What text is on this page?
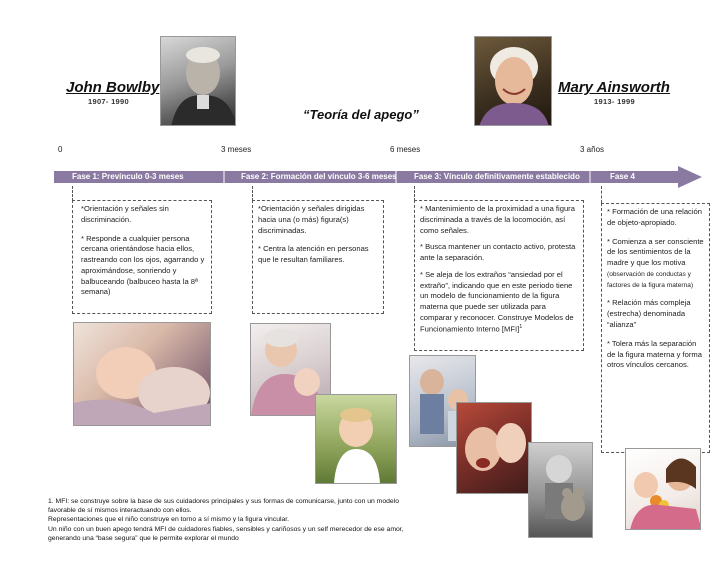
John Bowlby
1907- 1990
Mary Ainsworth
1913- 1999
“Teoría del apego”
0	3 meses	6 meses	3 años
Fase 1: Prevínculo 0-3 meses	Fase 2: Formación del vínculo 3-6 meses Fase 3: Vínculo definitivamente establecido	Fase 4

*Orientación y señales sin discriminación.

* Responde a cualquier persona cercana orientándose hacia ellos, rastreando con los ojos, agarrando y aproximándose, sonriendo y balbuceando (balbuceo hasta la 8ª semana)

*Orientación y señales dirigidas hacia una (o más) figura(s) discriminadas.

* Centra la atención en personas que le resultan familiares.

* Mantenimiento de la proximidad a una figura discriminada a través de la locomoción, así como señales.

* Busca mantener un contacto activo, protesta ante la separación.

* Se aleja de los extraños “ansiedad por el extraño”, indicando que en este periodo tiene un modelo de funcionamiento de la figura materna que puede ser utilizada para comparar y reconocer. Construye Modelos de Funcionamiento Interno [MFI]$^1$

* Formación de una relación de objeto-apropiado.

* Comienza a ser consciente de los sentimientos de la madre y que los motiva (observación de conductas y factores de la figura materna)

* Relación más compleja (estrecha) denominada “alianza”

* Tolera más la separación de la figura materna y forma otros vínculos cercanos.

1. MFI: se construye sobre la base de sus cuidadores principales y sus formas de comunicarse, junto con un modelo
favorable de sí mismos interactuando con ellos.
Representaciones que el niño construye en torno a sí mismo y la figura vincular.
Un niño con un buen apego tendrá MFI de cuidadores fiables, sensibles y cariñosos y un self merecedor de ese amor,
generando una “base segura” que le permite explorar el mundo
